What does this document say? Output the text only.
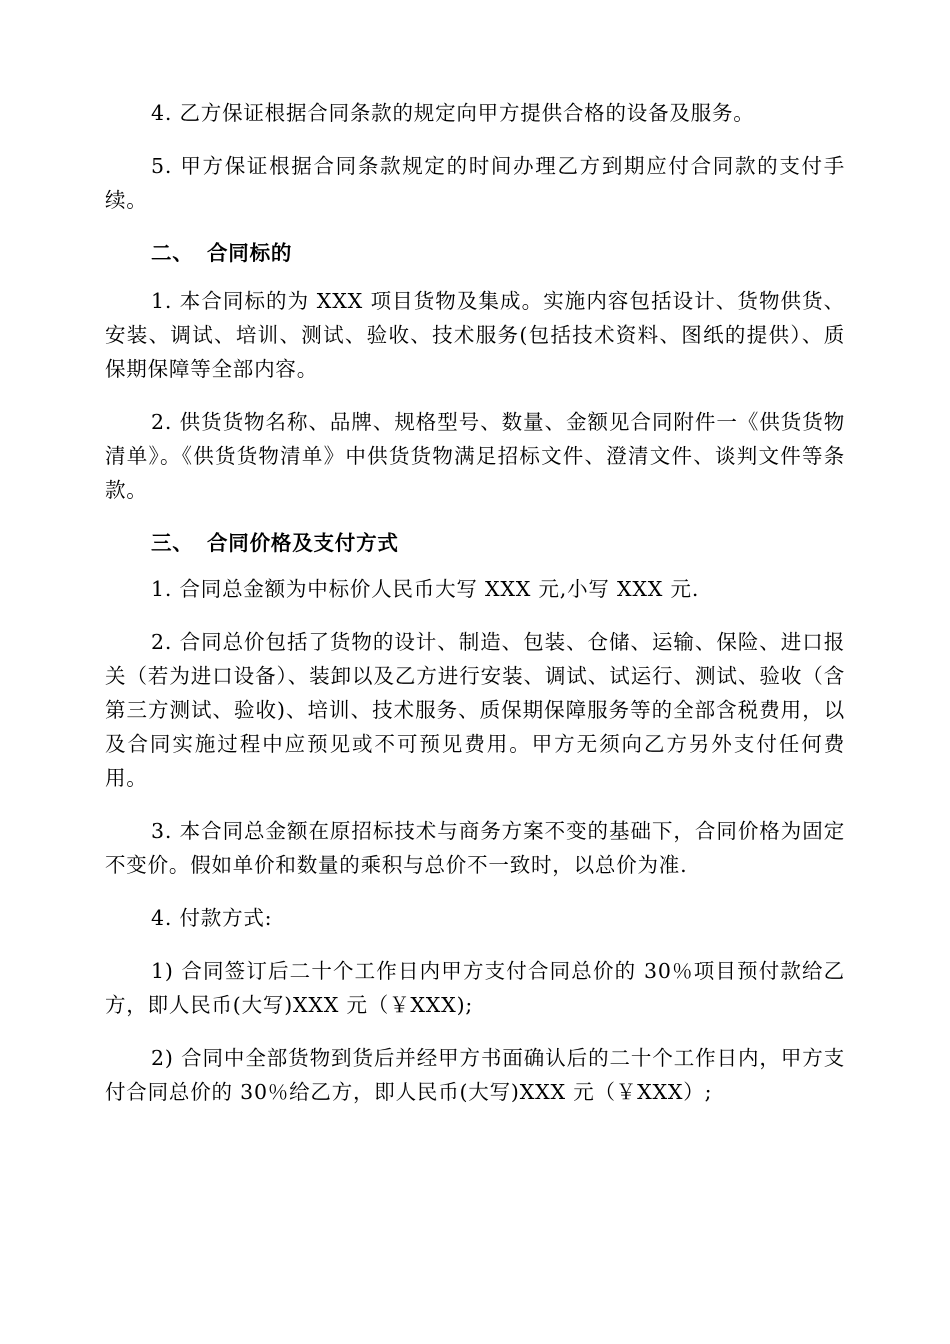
4. 乙方保证根据合同条款的规定向甲方提供合格的设备及服务。

5. 甲方保证根据合同条款规定的时间办理乙方到期应付合同款的支付手续。

二、 合同标的

1. 本合同标的为 XXX 项目货物及集成。实施内容包括设计、货物供货、安装、调试、培训、测试、验收、技术服务(包括技术资料、图纸的提供）、质保期保障等全部内容。

2. 供货货物名称、品牌、规格型号、数量、金额见合同附件一《供货货物清单》。《供货货物清单》中供货货物满足招标文件、澄清文件、谈判文件等条款。

三、 合同价格及支付方式

1. 合同总金额为中标价人民币大写 XXX 元,小写 XXX 元.

2. 合同总价包括了货物的设计、制造、包装、仓储、运输、保险、进口报关（若为进口设备）、装卸以及乙方进行安装、调试、试运行、测试、验收（含第三方测试、验收)、培训、技术服务、质保期保障服务等的全部含税费用，以及合同实施过程中应预见或不可预见费用。甲方无须向乙方另外支付任何费用。

3. 本合同总金额在原招标技术与商务方案不变的基础下，合同价格为固定不变价。假如单价和数量的乘积与总价不一致时，以总价为准.

4. 付款方式:

1) 合同签订后二十个工作日内甲方支付合同总价的 30％项目预付款给乙方，即人民币(大写)XXX 元（￥XXX);

2) 合同中全部货物到货后并经甲方书面确认后的二十个工作日内，甲方支付合同总价的 30％给乙方，即人民币(大写)XXX 元（￥XXX）;
